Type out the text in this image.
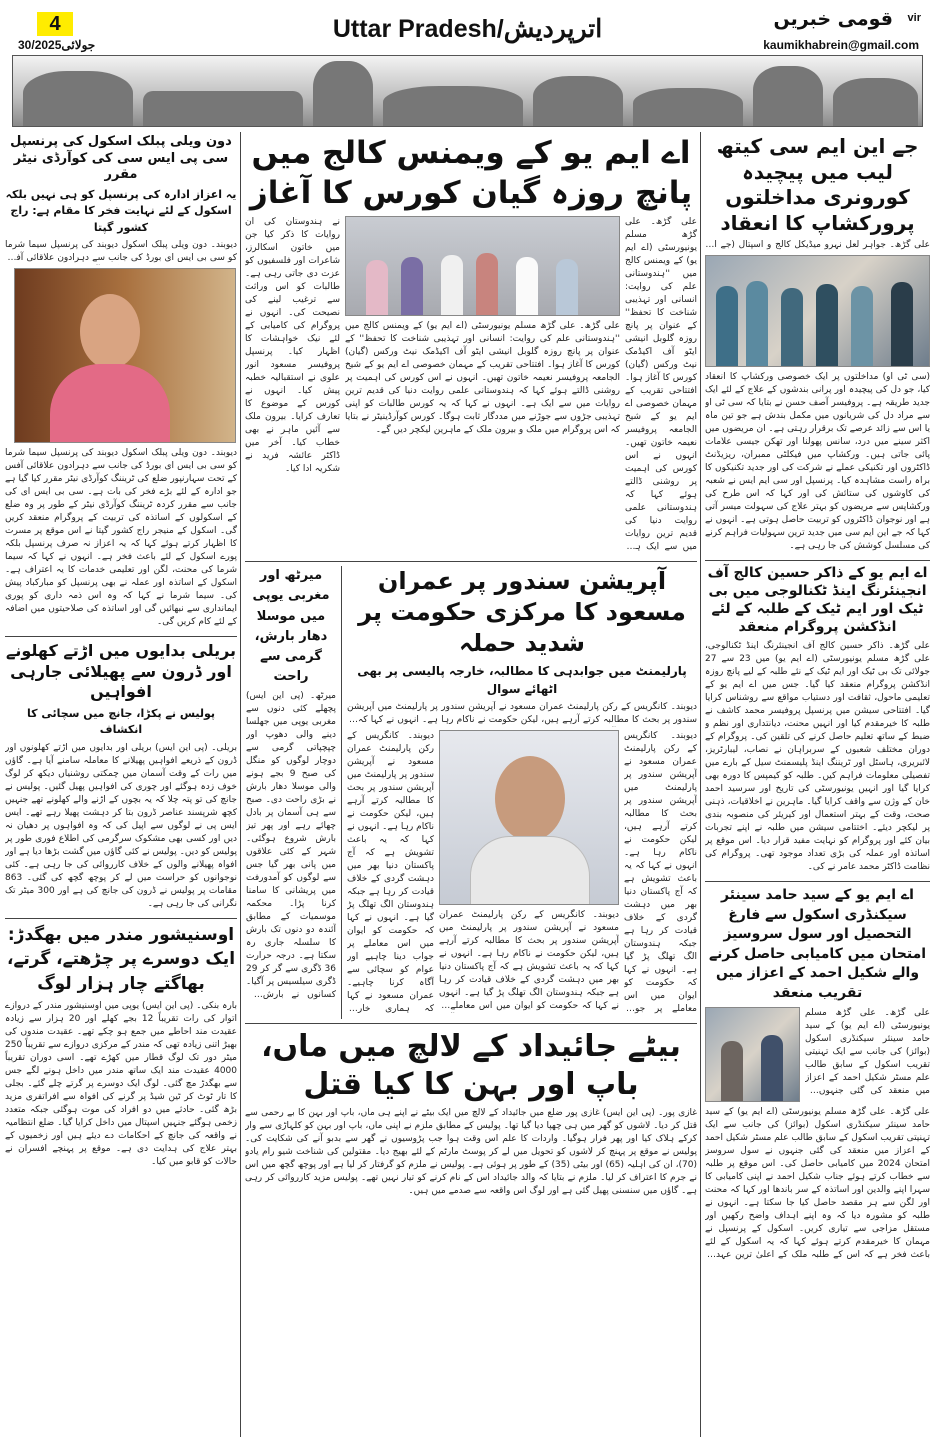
4
30/جولائی2025
Uttar Pradesh/اترپردیش	قومی خبریں vir
kaumikhabrein@gmail.com
جے این ایم سی کیتھ لیب میں پیچیدہ کورونری مداخلتوں پرورکشاپ کا انعقاد
علی گڑھ۔ جواہر لعل نہرو میڈیکل کالج و اسپتال (جے این
(سی ٹی او) مداخلتوں پر ایک خصوصی ورکشاپ کا انعقاد کیا، جو دل کی پیچیدہ اور پرانی بندشوں کے علاج کے لئے ایک جدید طریقہ ہے۔ پروفیسر آصف حسن نے بتایا کہ سی ٹی او سے مراد دل کی شریانوں میں مکمل بندش ہے جو تین ماہ یا اس سے زائد عرصے تک برقرار رہتی ہے۔ ان مریضوں میں اکثر سینے میں درد، سانس پھولنا اور تھکن جیسی علامات پائی جاتی ہیں۔ ورکشاپ میں فیکلٹی ممبران، ریزیڈنٹ ڈاکٹروں اور تکنیکی عملے نے شرکت کی اور جدید تکنیکوں کا براہ راست مشاہدہ کیا۔ پرنسپل اور سی ایم ایس نے شعبہ کی کاوشوں کی ستائش کی اور کہا کہ اس طرح کی ورکشاپس سے مریضوں کو بہتر علاج کی سہولت میسر آتی ہے اور نوجوان ڈاکٹروں کو تربیت حاصل ہوتی ہے۔ انہوں نے کہا کہ جے این ایم سی میں جدید ترین سہولیات فراہم کرنے کی مسلسل کوشش کی جا رہی ہے۔
اے ایم یو کے ذاکر حسین کالج آف انجینئرنگ اینڈ ٹکنالوجی میں بی ٹیک اور ایم ٹیک کے طلبہ کے لئے انڈکشن پروگرام منعقد
علی گڑھ۔ ذاکر حسین کالج آف انجینئرنگ اینڈ ٹکنالوجی، علی گڑھ مسلم یونیورسٹی (اے ایم یو) میں 23 سے 27 جولائی تک بی ٹیک اور ایم ٹیک کے نئے طلبہ کے لیے پانچ روزہ انڈکشن پروگرام منعقد کیا گیا۔ جس میں اے ایم یو کے تعلیمی ماحول، ثقافت اور دستیاب مواقع سے روشناس کرایا گیا۔ افتتاحی سیشن میں پرنسپل پروفیسر محمد کاشف نے طلبہ کا خیرمقدم کیا اور انہیں محنت، دیانتداری اور نظم و ضبط کے ساتھ تعلیم حاصل کرنے کی تلقین کی۔ پروگرام کے دوران مختلف شعبوں کے سربراہان نے نصاب، لیبارٹریز، لائبریری، ہاسٹل اور ٹریننگ اینڈ پلیسمنٹ سیل کے بارے میں تفصیلی معلومات فراہم کیں۔ طلبہ کو کیمپس کا دورہ بھی کرایا گیا اور انہیں یونیورسٹی کی تاریخ اور سرسید احمد خان کے وژن سے واقف کرایا گیا۔ ماہرین نے اخلاقیات، ذہنی صحت، وقت کے بہتر استعمال اور کیریئر کی منصوبہ بندی پر لیکچر دیئے۔ اختتامی سیشن میں طلبہ نے اپنے تجربات بیان کئے اور پروگرام کو نہایت مفید قرار دیا۔ اس موقع پر اساتذہ اور عملہ کی بڑی تعداد موجود تھی۔ پروگرام کی نظامت ڈاکٹر محمد عامر نے کی۔
اے ایم یو کے سید حامد سینئر سیکنڈری اسکول سے فارغ التحصیل اور سول سروسیز امتحان میں کامیابی حاصل کرنے والے شکیل احمد کے اعزاز میں تقریب منعقد
علی گڑھ۔ علی گڑھ مسلم یونیورسٹی (اے ایم یو) کے سید حامد سینئر سیکنڈری اسکول (بوائز) کی جانب سے ایک تہنیتی تقریب اسکول کے سابق طالب علم مسٹر شکیل احمد کے اعزاز میں منعقد کی گئی جنہوں نے
علی گڑھ۔ علی گڑھ مسلم یونیورسٹی (اے ایم یو) کے سید حامد سینئر سیکنڈری اسکول (بوائز) کی جانب سے ایک تہنیتی تقریب اسکول کے سابق طالب علم مسٹر شکیل احمد کے اعزاز میں منعقد کی گئی جنہوں نے سول سروسز امتحان 2024 میں کامیابی حاصل کی۔ اس موقع پر طلبہ سے خطاب کرتے ہوئے جناب شکیل احمد نے اپنی کامیابی کا سہرا اپنے والدین اور اساتذہ کے سر باندھا اور کہا کہ محنت اور لگن سے ہر مقصد حاصل کیا جا سکتا ہے۔ انہوں نے طلبہ کو مشورہ دیا کہ وہ اپنے اہداف واضح رکھیں اور مستقل مزاجی سے تیاری کریں۔ اسکول کے پرنسپل نے مہمان کا خیرمقدم کرتے ہوئے کہا کہ یہ اسکول کے لئے باعث فخر ہے کہ اس کے طلبہ ملک کے اعلیٰ ترین عہدوں
اے ایم یو کے ویمنس کالج میں پانچ روزہ گیان کورس کا آغاز
علی گڑھ۔ علی گڑھ مسلم یونیورسٹی (اے ایم یو) کے ویمنس کالج میں ''ہندوستانی علم کی روایت: انسانی اور تہذیبی شناخت کا تحفظ'' کے عنوان پر پانچ روزہ گلوبل انیشی ایٹو آف اکیڈمک نیٹ ورکس (گیان) کورس کا آغاز ہوا۔ افتتاحی تقریب کے مہمان خصوصی اے ایم یو کے شیخ الجامعہ پروفیسر نعیمہ خاتون تھیں۔ انہوں نے اس کورس کی اہمیت پر روشنی ڈالتے ہوئے کہا کہ ہندوستانی علمی روایت دنیا کی قدیم ترین روایات میں سے ایک ہے۔
علی گڑھ۔ علی گڑھ مسلم یونیورسٹی (اے ایم یو) کے ویمنس کالج میں ''ہندوستانی علم کی روایت: انسانی اور تہذیبی شناخت کا تحفظ'' کے عنوان پر پانچ روزہ گلوبل انیشی ایٹو آف اکیڈمک نیٹ ورکس (گیان) کورس کا آغاز ہوا۔ افتتاحی تقریب کے مہمان خصوصی اے ایم یو کے شیخ الجامعہ پروفیسر نعیمہ خاتون تھیں۔ انہوں نے اس کورس کی اہمیت پر روشنی ڈالتے ہوئے کہا کہ ہندوستانی علمی روایت دنیا کی قدیم ترین روایات میں سے ایک ہے۔ انہوں نے کہا کہ یہ کورس طالبات کو اپنی تہذیبی جڑوں سے جوڑنے میں مددگار ثابت ہوگا۔ کورس کوآرڈینیٹر نے بتایا کہ اس پروگرام میں ملک و بیرون ملک کے ماہرین لیکچر دیں گے۔
نے ہندوستان کی ان روایات کا ذکر کیا جن میں خاتون اسکالرز، شاعرات اور فلسفیوں کو عزت دی جاتی رہی ہے۔ طالبات کو اس وراثت سے ترغیب لینے کی نصیحت کی۔ انہوں نے پروگرام کی کامیابی کے لئے نیک خواہشات کا اظہار کیا۔ پرنسپل پروفیسر مسعود انور علوی نے استقبالیہ خطبہ پیش کیا۔ انہوں نے کورس کے موضوع کا تعارف کرایا۔ بیرون ملک سے آئیں ماہر نے بھی خطاب کیا۔ آخر میں ڈاکٹر عائشہ فرید نے شکریہ ادا کیا۔
آپریشن سندور پر عمران مسعود کا مرکزی حکومت پر شدید حملہ
پارلیمنٹ میں جوابدہی کا مطالبہ، خارجہ پالیسی پر بھی اٹھائے سوال
دیوبند۔ کانگریس کے رکن پارلیمنٹ عمران مسعود نے آپریشن سندور پر پارلیمنٹ میں آپریشن سندور پر بحث کا مطالبہ کرتے آرہے ہیں، لیکن حکومت نے ناکام رہا ہے۔ انہوں نے کہا کہ یہ
دیوبند۔ کانگریس کے رکن پارلیمنٹ عمران مسعود نے آپریشن سندور پر پارلیمنٹ میں آپریشن سندور پر بحث کا مطالبہ کرتے آرہے ہیں، لیکن حکومت نے ناکام رہا ہے۔ انہوں نے کہا کہ یہ باعث تشویش ہے کہ آج پاکستان دنیا بھر میں دہشت گردی کے خلاف قیادت کر رہا ہے جبکہ ہندوستان الگ تھلگ پڑ گیا ہے۔ انہوں نے کہا کہ حکومت کو ایوان میں اس معاملے پر جواب
دیوبند۔ کانگریس کے رکن پارلیمنٹ عمران مسعود نے آپریشن سندور پر پارلیمنٹ میں آپریشن سندور پر بحث کا مطالبہ کرتے آرہے ہیں، لیکن حکومت نے ناکام رہا ہے۔ انہوں نے کہا کہ یہ باعث تشویش ہے کہ آج پاکستان دنیا بھر میں دہشت گردی کے خلاف قیادت کر رہا ہے جبکہ ہندوستان الگ تھلگ پڑ گیا ہے۔ انہوں نے کہا کہ حکومت کو ایوان میں اس معاملے پر
دیوبند۔ کانگریس کے رکن پارلیمنٹ عمران مسعود نے آپریشن سندور پر پارلیمنٹ میں آپریشن سندور پر بحث کا مطالبہ کرتے آرہے ہیں، لیکن حکومت نے ناکام رہا ہے۔ انہوں نے کہا کہ یہ باعث تشویش ہے کہ آج پاکستان دنیا بھر میں دہشت گردی کے خلاف قیادت کر رہا ہے جبکہ ہندوستان الگ تھلگ پڑ گیا ہے۔ انہوں نے کہا کہ حکومت کو ایوان میں اس معاملے پر جواب دینا چاہیے اور عوام کو سچائی سے آگاہ کرنا چاہیے۔ عمران مسعود نے کہا کہ ہماری خارجہ
میرٹھ اور مغربی یوپی میں موسلا دھار بارش، گرمی سے راحت
میرٹھ۔ (پی این ایس) پچھلے کئی دنوں سے مغربی یوپی میں جھلسا دینے والی دھوپ اور چپچپاتی گرمی سے دوچار لوگوں کو منگل کی صبح 9 بجے ہونے والی موسلا دھار بارش نے بڑی راحت دی۔ صبح سے ہی آسمان پر بادل چھائے رہے اور پھر تیز بارش شروع ہوگئی۔ شہر کے کئی علاقوں میں پانی بھر گیا جس سے لوگوں کو آمدورفت میں پریشانی کا سامنا کرنا پڑا۔ محکمہ موسمیات کے مطابق آئندہ دو دنوں تک بارش کا سلسلہ جاری رہ سکتا ہے۔ درجہ حرارت 36 ڈگری سے گر کر 29 ڈگری سیلسیس پر آگیا۔ کسانوں نے بارش کو
بیٹے جائیداد کے لالچ میں ماں، باپ اور بہن کا کیا قتل
غازی پور۔ (پی این ایس) غازی پور ضلع میں جائیداد کے لالچ میں ایک بیٹے نے اپنے ہی ماں، باپ اور بہن کا بے رحمی سے قتل کر دیا۔ لاشوں کو گھر میں ہی چھپا دیا گیا تھا۔ پولیس کے مطابق ملزم نے اپنی ماں، باپ اور بہن کو کلہاڑی سے وار کرکے ہلاک کیا اور پھر فرار ہوگیا۔ واردات کا علم اس وقت ہوا جب پڑوسیوں نے گھر سے بدبو آنے کی شکایت کی۔ پولیس نے موقع پر پہنچ کر لاشوں کو تحویل میں لے کر پوسٹ مارٹم کے لئے بھیج دیا۔ مقتولین کی شناخت شیو رام یادو (70)، ان کی اہلیہ (65) اور بیٹی (35) کے طور پر ہوئی ہے۔ پولیس نے ملزم کو گرفتار کر لیا ہے اور پوچھ گچھ میں اس نے جرم کا اعتراف کر لیا۔ ملزم نے بتایا کہ والد جائیداد اس کے نام کرنے کو تیار نہیں تھے۔ پولیس مزید کارروائی کر رہی ہے۔ گاؤں میں سنسنی پھیل گئی ہے اور لوگ اس واقعہ سے صدمے میں ہیں۔
دون ویلی پبلک اسکول کی پرنسپل سی پی ایس سی کی کوآرڈی نیٹر مقرر
یہ اعزاز ادارہ کی پرنسپل کو ہی نہیں بلکہ اسکول کے لئے نہایت فخر کا مقام ہے: راج کشور گپتا
دیوبند۔ دون ویلی پبلک اسکول دیوبند کی پرنسپل سیما شرما کو سی بی ایس ای بورڈ کی جانب سے دہرادون علاقائی آفس
دیوبند۔ دون ویلی پبلک اسکول دیوبند کی پرنسپل سیما شرما کو سی بی ایس ای بورڈ کی جانب سے دہرادون علاقائی آفس کے تحت سہارنپور ضلع کی ٹریننگ کوآرڈی نیٹر مقرر کیا گیا ہے جو ادارہ کے لئے بڑے فخر کی بات ہے۔ سی بی ایس ای کی جانب سے مقرر کردہ ٹریننگ کوآرڈی نیٹر کے طور پر وہ ضلع کے اسکولوں کے اساتذہ کی تربیت کے پروگرام منعقد کریں گی۔ اسکول کے منیجر راج کشور گپتا نے اس موقع پر مسرت کا اظہار کرتے ہوئے کہا کہ یہ اعزاز نہ صرف پرنسپل بلکہ پورے اسکول کے لئے باعث فخر ہے۔ انہوں نے کہا کہ سیما شرما کی محنت، لگن اور تعلیمی خدمات کا یہ اعتراف ہے۔ اسکول کے اساتذہ اور عملہ نے بھی پرنسپل کو مبارکباد پیش کی۔ سیما شرما نے کہا کہ وہ اس ذمہ داری کو پوری ایمانداری سے نبھائیں گی اور اساتذہ کی صلاحیتوں میں اضافہ کے لئے کام کریں گی۔
بریلی بدایوں میں اڑتے کھلونے اور ڈرون سے پھیلائی جارہی افواہیں
پولیس نے پکڑا، جانچ میں سچائی کا انکشاف
بریلی۔ (پی این ایس) بریلی اور بدایوں میں اڑتے کھلونوں اور ڈرون کے ذریعے افواہیں پھیلانے کا معاملہ سامنے آیا ہے۔ گاؤں میں رات کے وقت آسمان میں چمکتی روشنیاں دیکھ کر لوگ خوف زدہ ہوگئے اور چوری کی افواہیں پھیل گئیں۔ پولیس نے جانچ کی تو پتہ چلا کہ یہ بچوں کے اڑنے والے کھلونے تھے جنہیں کچھ شرپسند عناصر ڈرون بتا کر دہشت پھیلا رہے تھے۔ ایس ایس پی نے لوگوں سے اپیل کی کہ وہ افواہوں پر دھیان نہ دیں اور کسی بھی مشکوک سرگرمی کی اطلاع فوری طور پر پولیس کو دیں۔ پولیس نے کئی گاؤں میں گشت بڑھا دیا ہے اور افواہ پھیلانے والوں کے خلاف کارروائی کی جا رہی ہے۔ کئی نوجوانوں کو حراست میں لے کر پوچھ گچھ کی گئی۔ 863 مقامات پر پولیس نے ڈرون کی جانچ کی ہے اور 300 میٹر تک نگرانی کی جا رہی ہے۔
اوسنیشور مندر میں بھگدڑ: ایک دوسرے پر چڑھتے، گرتے، بھاگتے چار ہزار لوگ
بارہ بنکی۔ (پی این ایس) یوپی میں اوسنیشور مندر کے دروازے اتوار کی رات تقریباً 12 بجے کھلے اور 20 ہزار سے زیادہ عقیدت مند احاطے میں جمع ہو چکے تھے۔ عقیدت مندوں کی بھیڑ اتنی زیادہ تھی کہ مندر کے مرکزی دروازے سے تقریباً 250 میٹر دور تک لوگ قطار میں کھڑے تھے۔ اسی دوران تقریباً 4000 عقیدت مند ایک ساتھ مندر میں داخل ہونے لگے جس سے بھگدڑ مچ گئی۔ لوگ ایک دوسرے پر گرتے چلے گئے۔ بجلی کا تار ٹوٹ کر ٹین شیڈ پر گرنے کی افواہ سے افراتفری مزید بڑھ گئی۔ حادثے میں دو افراد کی موت ہوگئی جبکہ متعدد زخمی ہوگئے جنہیں اسپتال میں داخل کرایا گیا۔ ضلع انتظامیہ نے واقعہ کی جانچ کے احکامات دے دیئے ہیں اور زخمیوں کے بہتر علاج کی ہدایت دی ہے۔ موقع پر پہنچے افسران نے حالات کو قابو میں کیا۔
